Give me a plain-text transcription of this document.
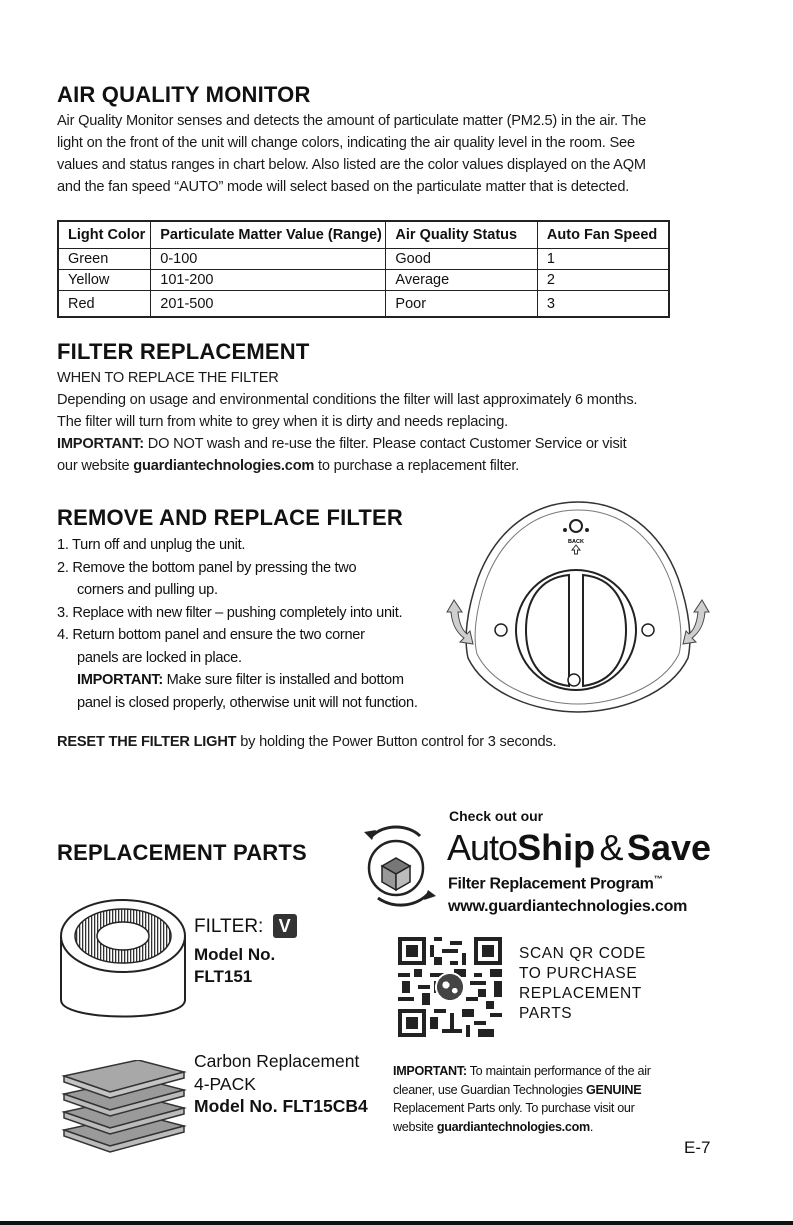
AIR QUALITY MONITOR
Air Quality Monitor senses and detects the amount of particulate matter (PM2.5) in the air. The
light on the front of the unit will change colors, indicating the air quality level in the room. See
values and status ranges in chart below. Also listed are the color values displayed on the AQM
and the fan speed “AUTO” mode will select based on the particulate matter that is detected.
Light Color	Particulate Matter Value (Range)	Air Quality Status	Auto Fan Speed
Green	0-100	Good	1
Yellow	101-200	Average	2
Red	201-500	Poor	3
FILTER REPLACEMENT
WHEN TO REPLACE THE FILTER
Depending on usage and environmental conditions the filter will last approximately 6 months.
The filter will turn from white to grey when it is dirty and needs replacing.
IMPORTANT: DO NOT wash and re-use the filter. Please contact Customer Service or visit
our website guardiantechnologies.com to purchase a replacement filter.
REMOVE AND REPLACE FILTER

1. Turn off and unplug the unit.

2. Remove the bottom panel by pressing the two

corners and pulling up.

3. Replace with new filter – pushing completely into unit.

4. Return bottom panel and ensure the two corner

panels are locked in place.

IMPORTANT: Make sure filter is installed and bottom

panel is closed properly, otherwise unit will not function.

RESET THE FILTER LIGHT by holding the Power Button control for 3 seconds.
BACK
REPLACEMENT PARTS
FILTER: V
Model No.
FLT151
Carbon Replacement
4-PACK
Model No. FLT15CB4
Check out our
AutoShip & Save
Filter Replacement Program™
www.guardiantechnologies.com
SCAN QR CODE
TO PURCHASE
REPLACEMENT
PARTS
IMPORTANT: To maintain performance of the air
cleaner, use Guardian Technologies GENUINE
Replacement Parts only. To purchase visit our
website guardiantechnologies.com.
E-7
